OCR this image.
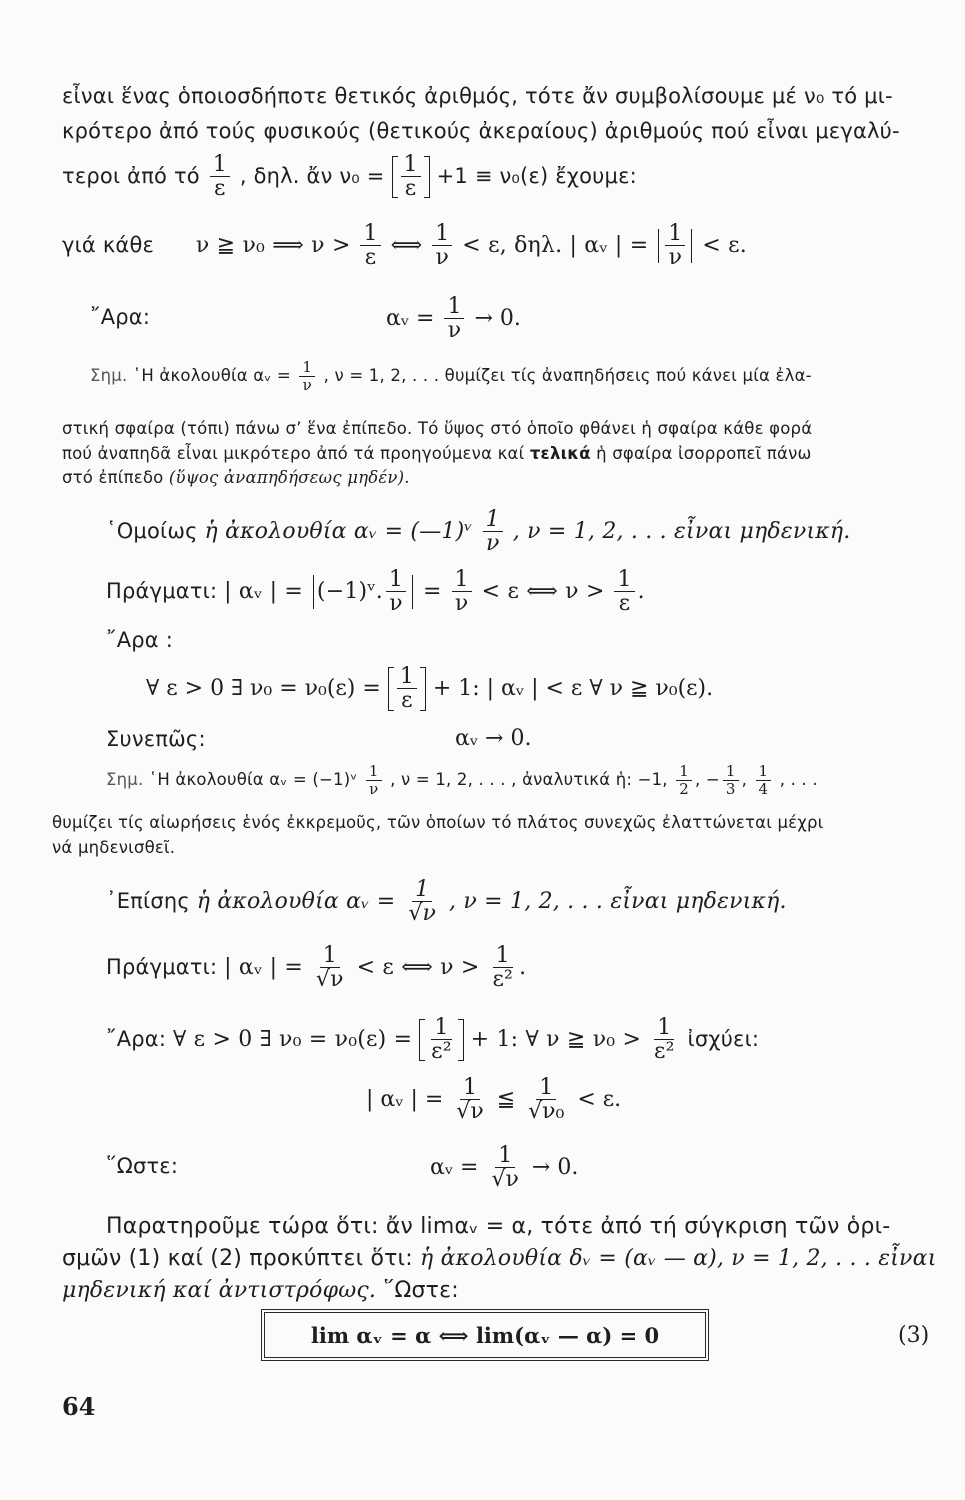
εἶναι ἕνας ὁποιοσδήποτε θετικός ἀριθμός, τότε ἄν συμβολίσουμε μέ ν₀ τό μι-
κρότερο ἀπό τούς φυσικούς (θετικούς ἀκεραίους) ἀριθμούς πού εἶναι μεγαλύ-
τεροι ἀπό τό $\frac{1}{\varepsilon}$ , δηλ. ἄν $\nu_0 = \frac{1}{\varepsilon} +1 \equiv \nu_0(\varepsilon)$ ἔχουμε:
γιά κάθε ν ≧ ν₀ ⟹ $\nu > \frac{1}{\varepsilon}$ ⟺ $\frac{1}{\nu} < \varepsilon$, δηλ. | αᵥ | = $\frac{1}{\nu} < \varepsilon$.
῎Αρα:	αᵥ = $\frac{1}{\nu} \to 0$.
Σημ. ῾Η ἀκολουθία αᵥ = $\frac{1}{\nu}$ , ν = 1, 2, . . . θυμίζει τίς ἀναπηδήσεις πού κάνει μία ἐλα-
στική σφαίρα (τόπι) πάνω σ’ ἕνα ἐπίπεδο. Τό ὕψος στό ὁποῖο φθάνει ἡ σφαίρα κάθε φορά
πού ἀναπηδᾶ εἶναι μικρότερο ἀπό τά προηγούμενα καί τελικά ἡ σφαίρα ἰσορροπεῖ πάνω
στό ἐπίπεδο (ὕψος ἀναπηδήσεως μηδέν).
῾Ομοίως ἡ ἀκολουθία αᵥ = (—1)ᵛ $\frac{1}{\nu}$ , ν = 1, 2, . . . εἶναι μηδενική.
Πράγματι: | αᵥ | = (−1)ᵛ. $\frac{1}{\nu} = \frac{1}{\nu} < \varepsilon$ ⟺ $\nu > \frac{1}{\varepsilon}$ .
῎Αρα :
∀ ε > 0 ∃ $\nu_0 = \nu_0(\varepsilon) = \frac{1}{\varepsilon} + 1$: | αᵥ | < ε ∀ ν ≧ ν₀(ε).
Συνεπῶς:	αᵥ → 0.
Σημ. ῾Η ἀκολουθία αᵥ = (−1)ᵛ $\frac{1}{\nu}$ , ν = 1, 2, . . . , ἀναλυτικά ἡ: −1, $\frac{1}{2}$ , − $\frac{1}{3}$ , $\frac{1}{4}$ , . . .
θυμίζει τίς αἰωρήσεις ἑνός ἐκκρεμοῦς, τῶν ὁποίων τό πλάτος συνεχῶς ἐλαττώνεται μέχρι
νά μηδενισθεῖ.
᾿Επίσης ἡ ἀκολουθία αᵥ = $\frac{1}{√\nu}$ , ν = 1, 2, . . . εἶναι μηδενική.
Πράγματι: | αᵥ | = $\frac{1}{√\nu} < \varepsilon$ ⟺ $\nu > \frac{1}{\text{ε²}}$ .
῎Αρα: ∀ ε > 0 ∃ $\nu_0 = \nu_0(\varepsilon) = \frac{1}{\text{ε²}} + 1$: ∀ ν ≧ $\nu_0 > \frac{1}{\text{ε²}}$ ἰσχύει:
| αᵥ | = $\frac{1}{√\nu}$ ≦ $\frac{1}{\text{√ν₀}} < \varepsilon$.
῞Ωστε:	αᵥ = $\frac{1}{√\nu} \to 0$.
Παρατηροῦμε τώρα ὅτι: ἄν limαᵥ = α, τότε ἀπό τή σύγκριση τῶν ὁρι-
σμῶν (1) καί (2) προκύπτει ὅτι: ἡ ἀκολουθία δᵥ = (αᵥ — α), ν = 1, 2, . . . εἶναι
μηδενική καί ἀντιστρόφως. ῞Ωστε:
lim αᵥ = α ⟺ lim(αᵥ — α) = 0	(3)
64
